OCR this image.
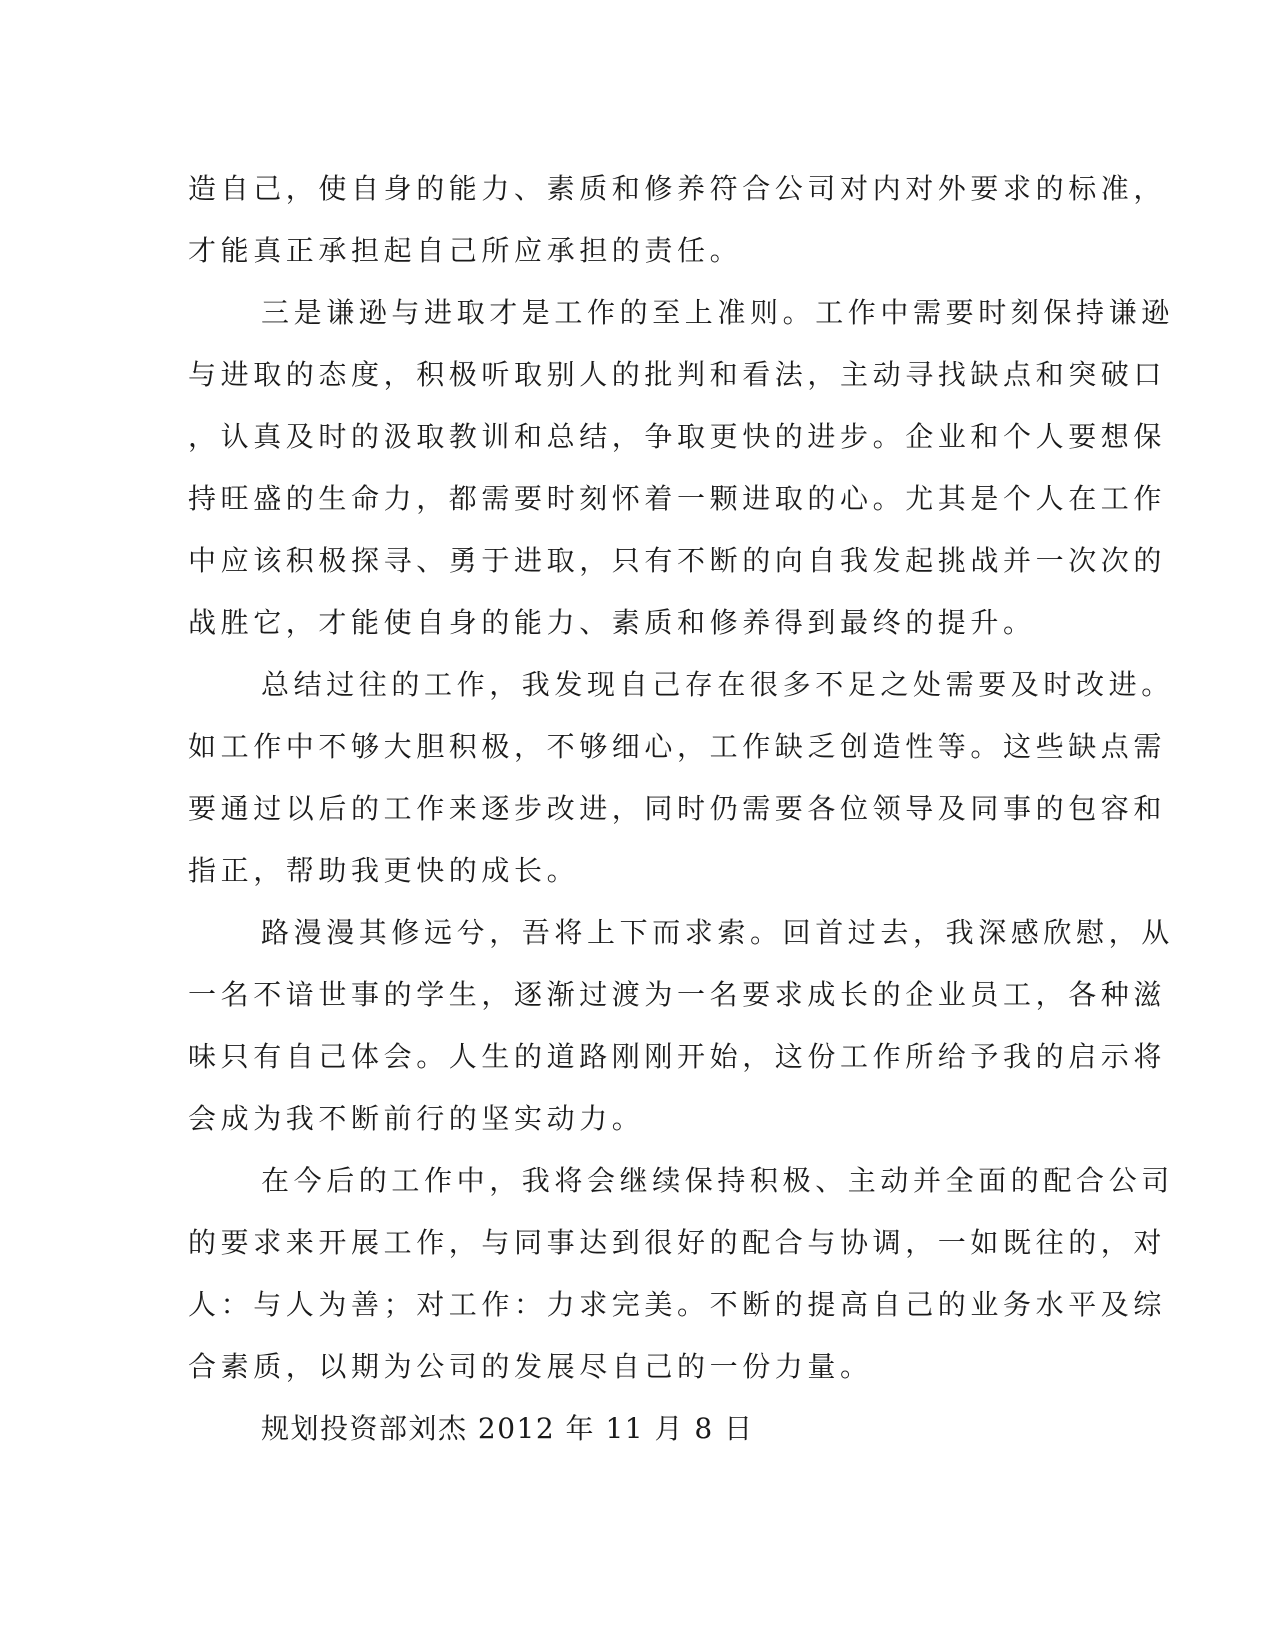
造自己，使自身的能力、素质和修养符合公司对内对外要求的标准，
才能真正承担起自己所应承担的责任。
三是谦逊与进取才是工作的至上准则。工作中需要时刻保持谦逊
与进取的态度，积极听取别人的批判和看法，主动寻找缺点和突破口
，认真及时的汲取教训和总结，争取更快的进步。企业和个人要想保
持旺盛的生命力，都需要时刻怀着一颗进取的心。尤其是个人在工作
中应该积极探寻、勇于进取，只有不断的向自我发起挑战并一次次的
战胜它，才能使自身的能力、素质和修养得到最终的提升。
总结过往的工作，我发现自己存在很多不足之处需要及时改进。
如工作中不够大胆积极，不够细心，工作缺乏创造性等。这些缺点需
要通过以后的工作来逐步改进，同时仍需要各位领导及同事的包容和
指正，帮助我更快的成长。
路漫漫其修远兮，吾将上下而求索。回首过去，我深感欣慰，从
一名不谙世事的学生，逐渐过渡为一名要求成长的企业员工，各种滋
味只有自己体会。人生的道路刚刚开始，这份工作所给予我的启示将
会成为我不断前行的坚实动力。
在今后的工作中，我将会继续保持积极、主动并全面的配合公司
的要求来开展工作，与同事达到很好的配合与协调，一如既往的，对
人：与人为善；对工作：力求完美。不断的提高自己的业务水平及综
合素质，以期为公司的发展尽自己的一份力量。
规划投资部刘杰 2012 年 11 月 8 日
